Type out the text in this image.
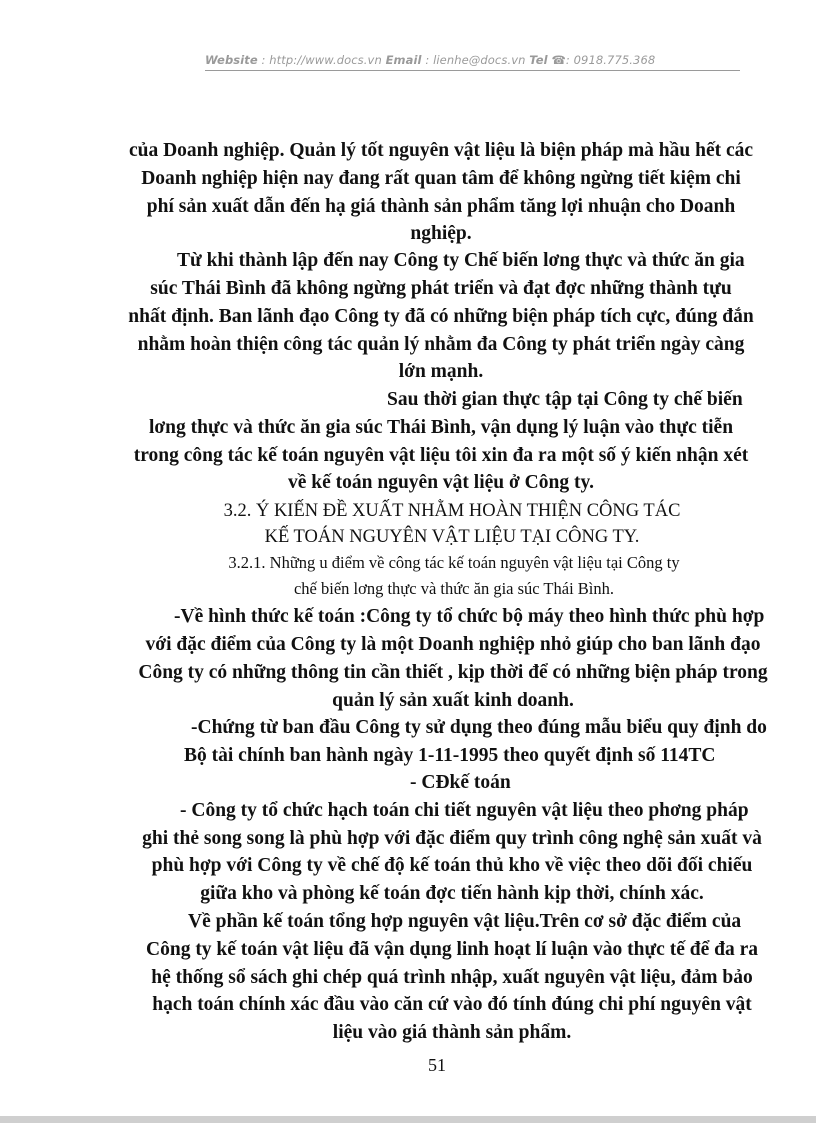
Website : http://www.docs.vn Email : lienhe@docs.vn Tel ☎: 0918.775.368
của Doanh nghiệp. Quản lý tốt nguyên vật liệu là biện pháp mà hầu hết các
Doanh nghiệp hiện nay đang rất quan tâm để không ngừng tiết kiệm chi
phí sản xuất dẫn đến hạ giá thành sản phẩm tăng lợi nhuận cho Doanh
nghiệp.
Từ khi thành lập đến nay Công ty Chế biến lơng thực và thức ăn gia
súc Thái Bình đã không ngừng phát triển và đạt đợc những thành tựu
nhất định. Ban lãnh đạo Công ty đã có những biện pháp tích cực, đúng đắn
nhằm hoàn thiện công tác quản lý nhằm đa Công ty phát triển ngày càng
lớn mạnh.
Sau thời gian thực tập tại Công ty chế biến
lơng thực và thức ăn gia súc Thái Bình, vận dụng lý luận vào thực tiễn
trong công tác kế toán nguyên vật liệu tôi xin đa ra một số ý kiến nhận xét
về kế toán nguyên vật liệu ở Công ty.
3.2. Ý KIẾN ĐỀ XUẤT NHẰM HOÀN THIỆN CÔNG TÁC
KẾ TOÁN NGUYÊN VẬT LIỆU TẠI CÔNG TY.
3.2.1. Những u điểm về công tác kế toán nguyên vật liệu tại Công ty
chế biến lơng thực và thức ăn gia súc Thái Bình.
-Về hình thức kế toán :Công ty tổ chức bộ máy theo hình thức phù hợp
với đặc điểm của Công ty là một Doanh nghiệp nhỏ giúp cho ban lãnh đạo
Công ty có những thông tin cần thiết , kịp thời để có những biện pháp trong
quản lý sản xuất kinh doanh.
-Chứng từ ban đầu Công ty sử dụng theo đúng mẫu biểu quy định do
Bộ tài chính ban hành ngày 1-11-1995 theo quyết định số 114TC
- CĐkế toán
- Công ty tổ chức hạch toán chi tiết nguyên vật liệu theo phơng pháp
ghi thẻ song song là phù hợp với đặc điểm quy trình công nghệ sản xuất và
phù hợp với Công ty về chế độ kế toán thủ kho về việc theo dõi đối chiếu
giữa kho và phòng kế toán đợc tiến hành kịp thời, chính xác.
Về phần kế toán tổng hợp nguyên vật liệu.Trên cơ sở đặc điểm của
Công ty kế toán vật liệu đã vận dụng linh hoạt lí luận vào thực tế để đa ra
hệ thống sổ sách ghi chép quá trình nhập, xuất nguyên vật liệu, đảm bảo
hạch toán chính xác đầu vào căn cứ vào đó tính đúng chi phí nguyên vật
liệu vào giá thành sản phẩm.
51
